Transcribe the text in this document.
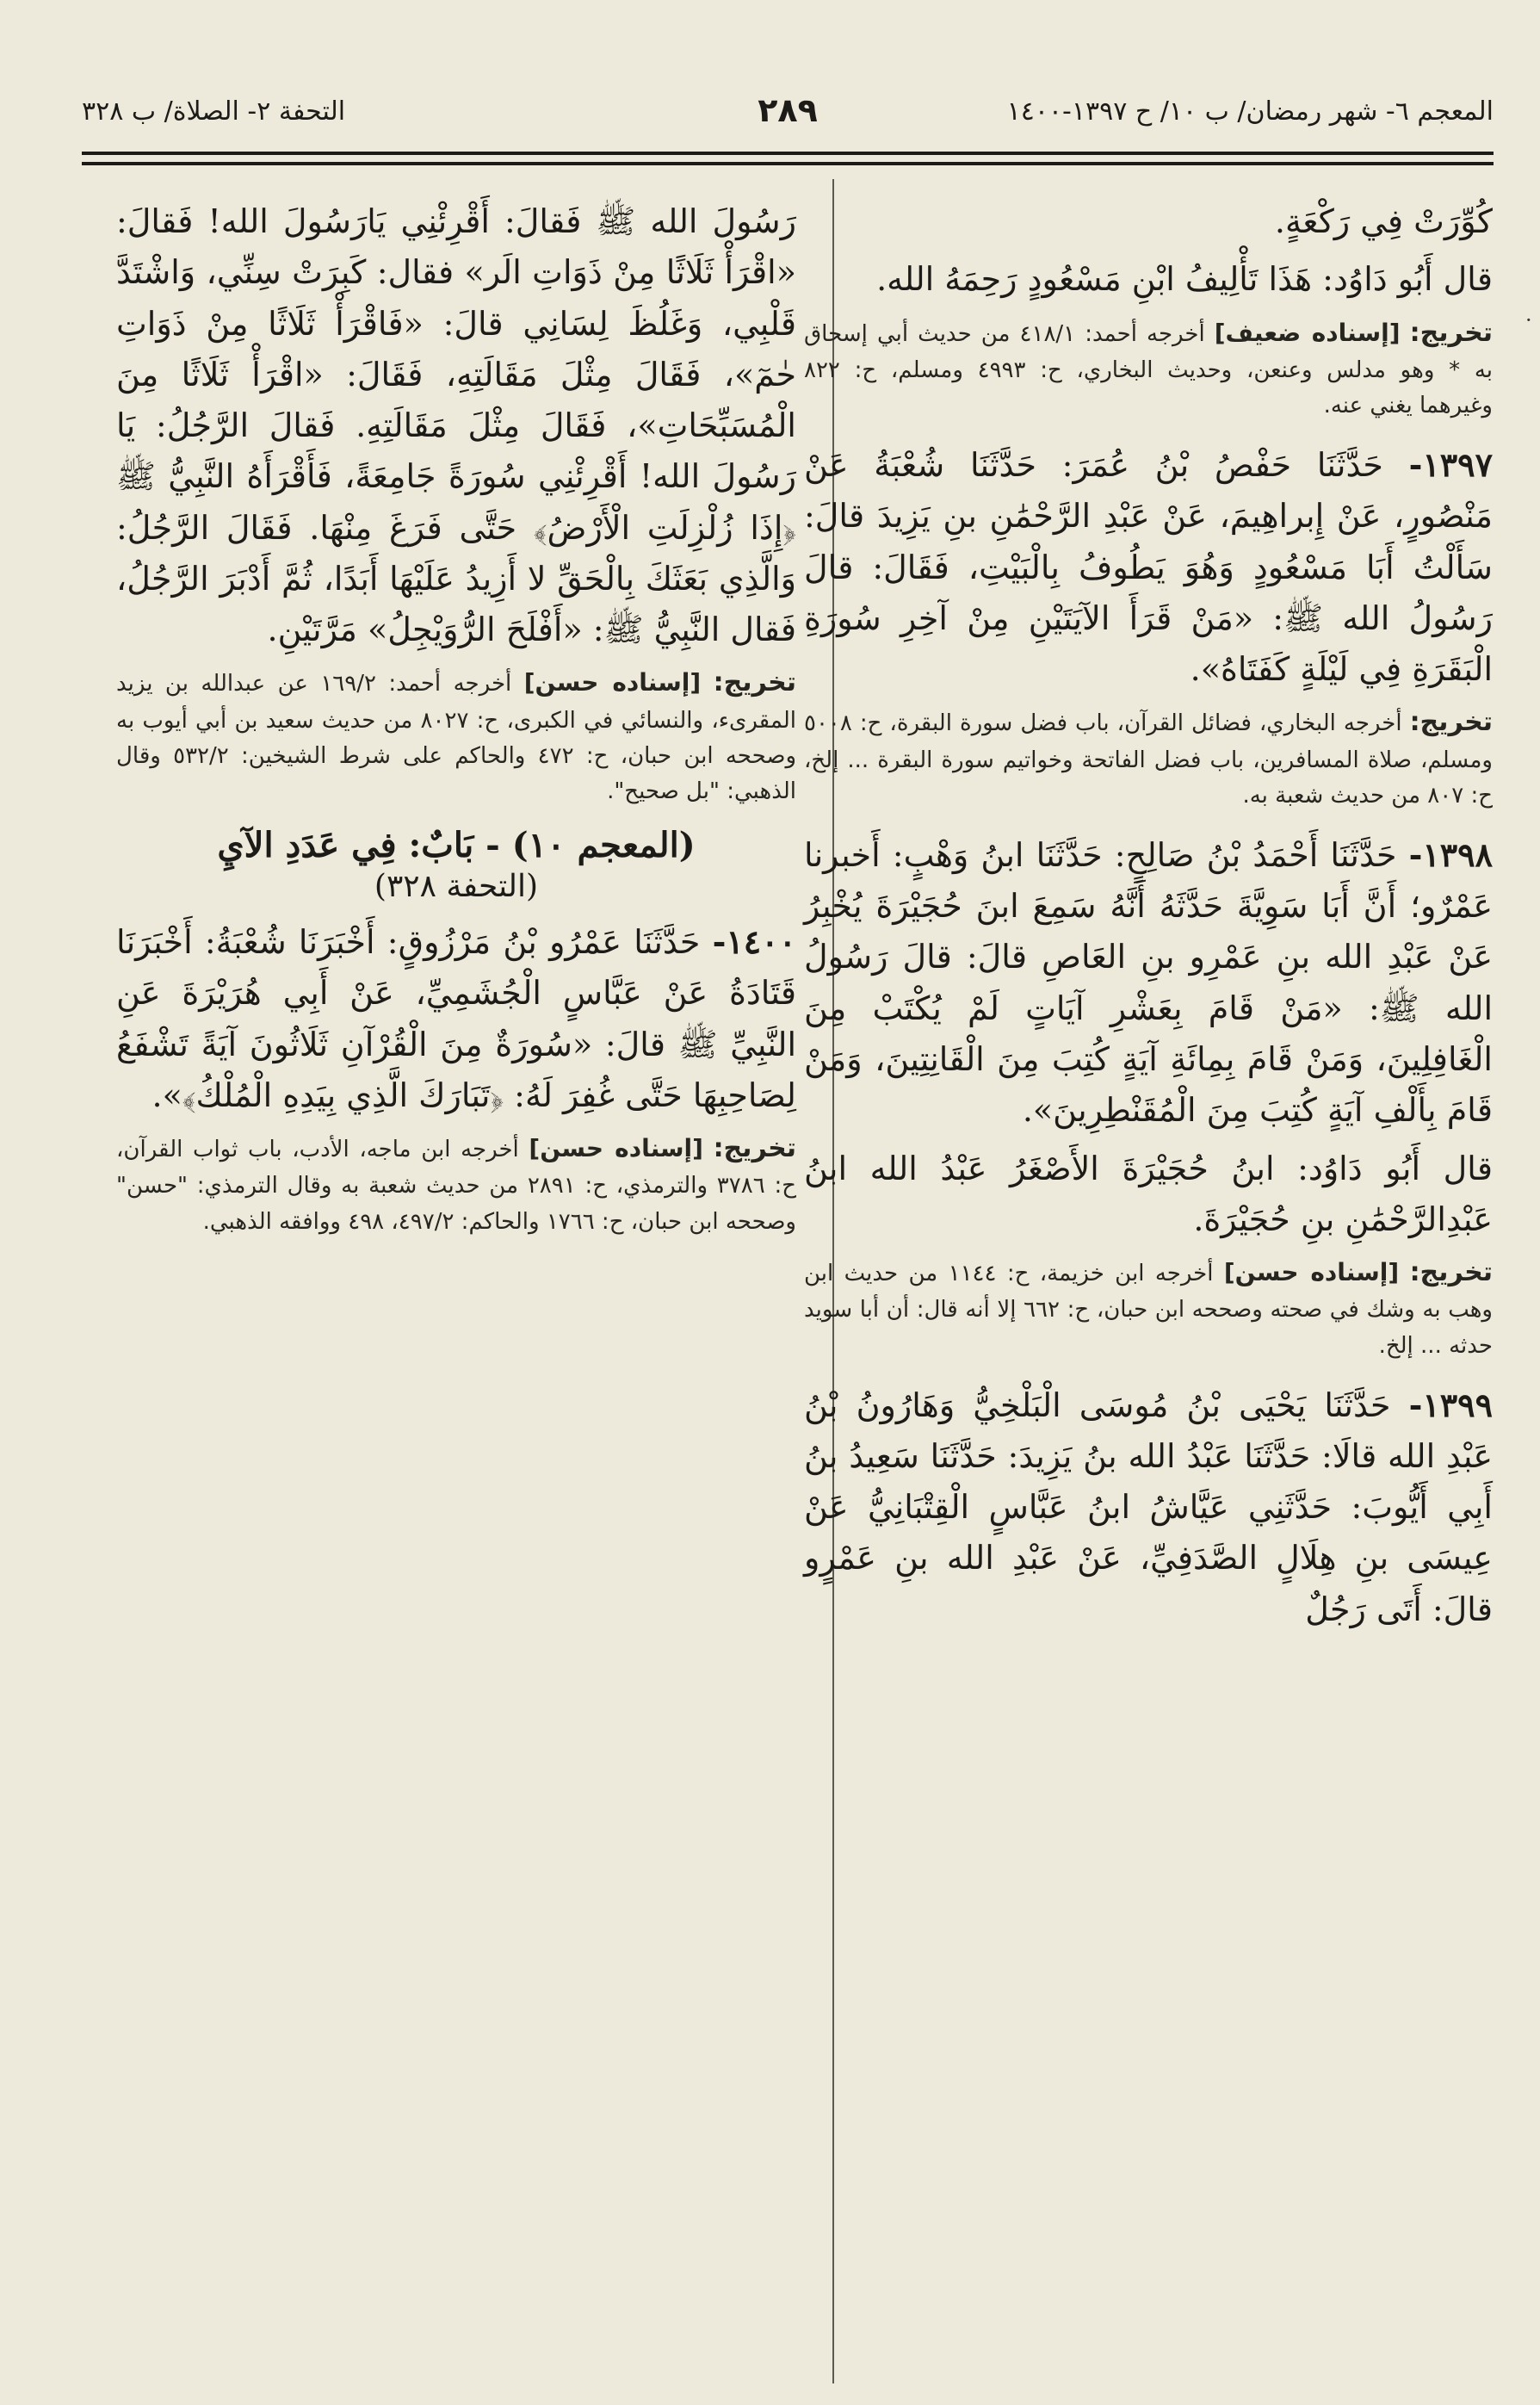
المعجم ٦- شهر رمضان/ ب ١٠/ ح ١٣٩٧-١٤٠٠
٢٨٩
التحفة ٢- الصلاة/ ب ٣٢٨
·

كُوِّرَتْ فِي رَكْعَةٍ.

قال أَبُو دَاوُد: هَذَا تَأْلِيفُ ابْنِ مَسْعُودٍ رَحِمَهُ الله.

تخريج: [إسناده ضعيف] أخرجه أحمد: ٤١٨/١ من حديث أبي إسحاق به * وهو مدلس وعنعن، وحديث البخاري، ح: ٤٩٩٣ ومسلم، ح: ٨٢٢ وغيرهما يغني عنه.

١٣٩٧- حَدَّثَنَا حَفْصُ بْنُ عُمَرَ: حَدَّثَنَا شُعْبَةُ عَنْ مَنْصُورٍ، عَنْ إِبراهِيمَ، عَنْ عَبْدِ الرَّحْمَٰنِ بنِ يَزِيدَ قالَ: سَأَلْتُ أَبَا مَسْعُودٍ وَهُوَ يَطُوفُ بِالْبَيْتِ، فَقَالَ: قالَ رَسُولُ الله ﷺ: «مَنْ قَرَأَ الآيَتَيْنِ مِنْ آخِرِ سُورَةِ الْبَقَرَةِ فِي لَيْلَةٍ كَفَتَاهُ».

تخريج: أخرجه البخاري، فضائل القرآن، باب فضل سورة البقرة، ح: ٥٠٠٨ ومسلم، صلاة المسافرين، باب فضل الفاتحة وخواتيم سورة البقرة ... إلخ، ح: ٨٠٧ من حديث شعبة به.

١٣٩٨- حَدَّثَنَا أَحْمَدُ بْنُ صَالِحٍ: حَدَّثَنَا ابنُ وَهْبٍ: أَخبرنا عَمْرٌو؛ أَنَّ أَبَا سَوِيَّةَ حَدَّثَهُ أَنَّهُ سَمِعَ ابنَ حُجَيْرَةَ يُخْبِرُ عَنْ عَبْدِ الله بنِ عَمْرِو بنِ العَاصِ قالَ: قالَ رَسُولُ الله ﷺ: «مَنْ قَامَ بِعَشْرِ آيَاتٍ لَمْ يُكْتَبْ مِنَ الْغَافِلِينَ، وَمَنْ قَامَ بِمِائَةِ آيَةٍ كُتِبَ مِنَ الْقَانِتِينَ، وَمَنْ قَامَ بِأَلْفِ آيَةٍ كُتِبَ مِنَ الْمُقَنْطِرِينَ».

قال أَبُو دَاوُد: ابنُ حُجَيْرَةَ الأَصْغَرُ عَبْدُ الله ابنُ عَبْدِالرَّحْمَٰنِ بنِ حُجَيْرَةَ.

تخريج: [إسناده حسن] أخرجه ابن خزيمة، ح: ١١٤٤ من حديث ابن وهب به وشك في صحته وصححه ابن حبان، ح: ٦٦٢ إلا أنه قال: أن أبا سويد حدثه ... إلخ.

١٣٩٩- حَدَّثَنَا يَحْيَى بْنُ مُوسَى الْبَلْخِيُّ وَهَارُونُ بْنُ عَبْدِ الله قالَا: حَدَّثَنَا عَبْدُ الله بنُ يَزِيدَ: حَدَّثَنَا سَعِيدُ بنُ أَبِي أَيُّوبَ: حَدَّثَنِي عَيَّاشُ ابنُ عَبَّاسٍ الْقِتْبَانِيُّ عَنْ عِيسَى بنِ هِلَالٍ الصَّدَفِيِّ، عَنْ عَبْدِ الله بنِ عَمْرٍو قالَ: أَتَى رَجُلٌ

رَسُولَ الله ﷺ فَقالَ: أَقْرِئْنِي يَارَسُولَ الله! فَقالَ: «اقْرَأْ ثَلَاثًا مِنْ ذَوَاتِ الَر» فقال: كَبِرَتْ سِنِّي، وَاشْتَدَّ قَلْبِي، وَغَلُظَ لِسَانِي قالَ: «فَاقْرَأْ ثَلَاثًا مِنْ ذَوَاتِ حٰمٓ»، فَقَالَ مِثْلَ مَقَالَتِهِ، فَقَالَ: «اقْرَأْ ثَلَاثًا مِنَ الْمُسَبِّحَاتِ»، فَقَالَ مِثْلَ مَقَالَتِهِ. فَقالَ الرَّجُلُ: يَا رَسُولَ الله! أَقْرِئْنِي سُورَةً جَامِعَةً، فَأَقْرَأَهُ النَّبِيُّ ﷺ ﴿إِذَا زُلْزِلَتِ الْأَرْضُ﴾ حَتَّى فَرَغَ مِنْهَا. فَقَالَ الرَّجُلُ: وَالَّذِي بَعَثَكَ بِالْحَقِّ لا أَزِيدُ عَلَيْهَا أَبَدًا، ثُمَّ أَدْبَرَ الرَّجُلُ، فَقال النَّبِيُّ ﷺ: «أَفْلَحَ الرُّوَيْجِلُ» مَرَّتَيْنِ.

تخريج: [إسناده حسن] أخرجه أحمد: ١٦٩/٢ عن عبدالله بن يزيد المقرىء، والنسائي في الكبرى، ح: ٨٠٢٧ من حديث سعيد بن أبي أيوب به وصححه ابن حبان، ح: ٤٧٢ والحاكم على شرط الشيخين: ٥٣٢/٢ وقال الذهبي: "بل صحيح".
(المعجم ١٠) - بَابٌ: فِي عَدَدِ الآيِ
(التحفة ٣٢٨)

١٤٠٠- حَدَّثَنَا عَمْرُو بْنُ مَرْزُوقٍ: أَخْبَرَنَا شُعْبَةُ: أَخْبَرَنَا قَتَادَةُ عَنْ عَبَّاسٍ الْجُشَمِيِّ، عَنْ أَبِي هُرَيْرَةَ عَنِ النَّبِيِّ ﷺ قالَ: «سُورَةٌ مِنَ الْقُرْآنِ ثَلَاثُونَ آيَةً تَشْفَعُ لِصَاحِبِهَا حَتَّى غُفِرَ لَهُ: ﴿تَبَارَكَ الَّذِي بِيَدِهِ الْمُلْكُ﴾».

تخريج: [إسناده حسن] أخرجه ابن ماجه، الأدب، باب ثواب القرآن، ح: ٣٧٨٦ والترمذي، ح: ٢٨٩١ من حديث شعبة به وقال الترمذي: "حسن" وصححه ابن حبان، ح: ١٧٦٦ والحاكم: ٤٩٧/٢، ٤٩٨ ووافقه الذهبي.
